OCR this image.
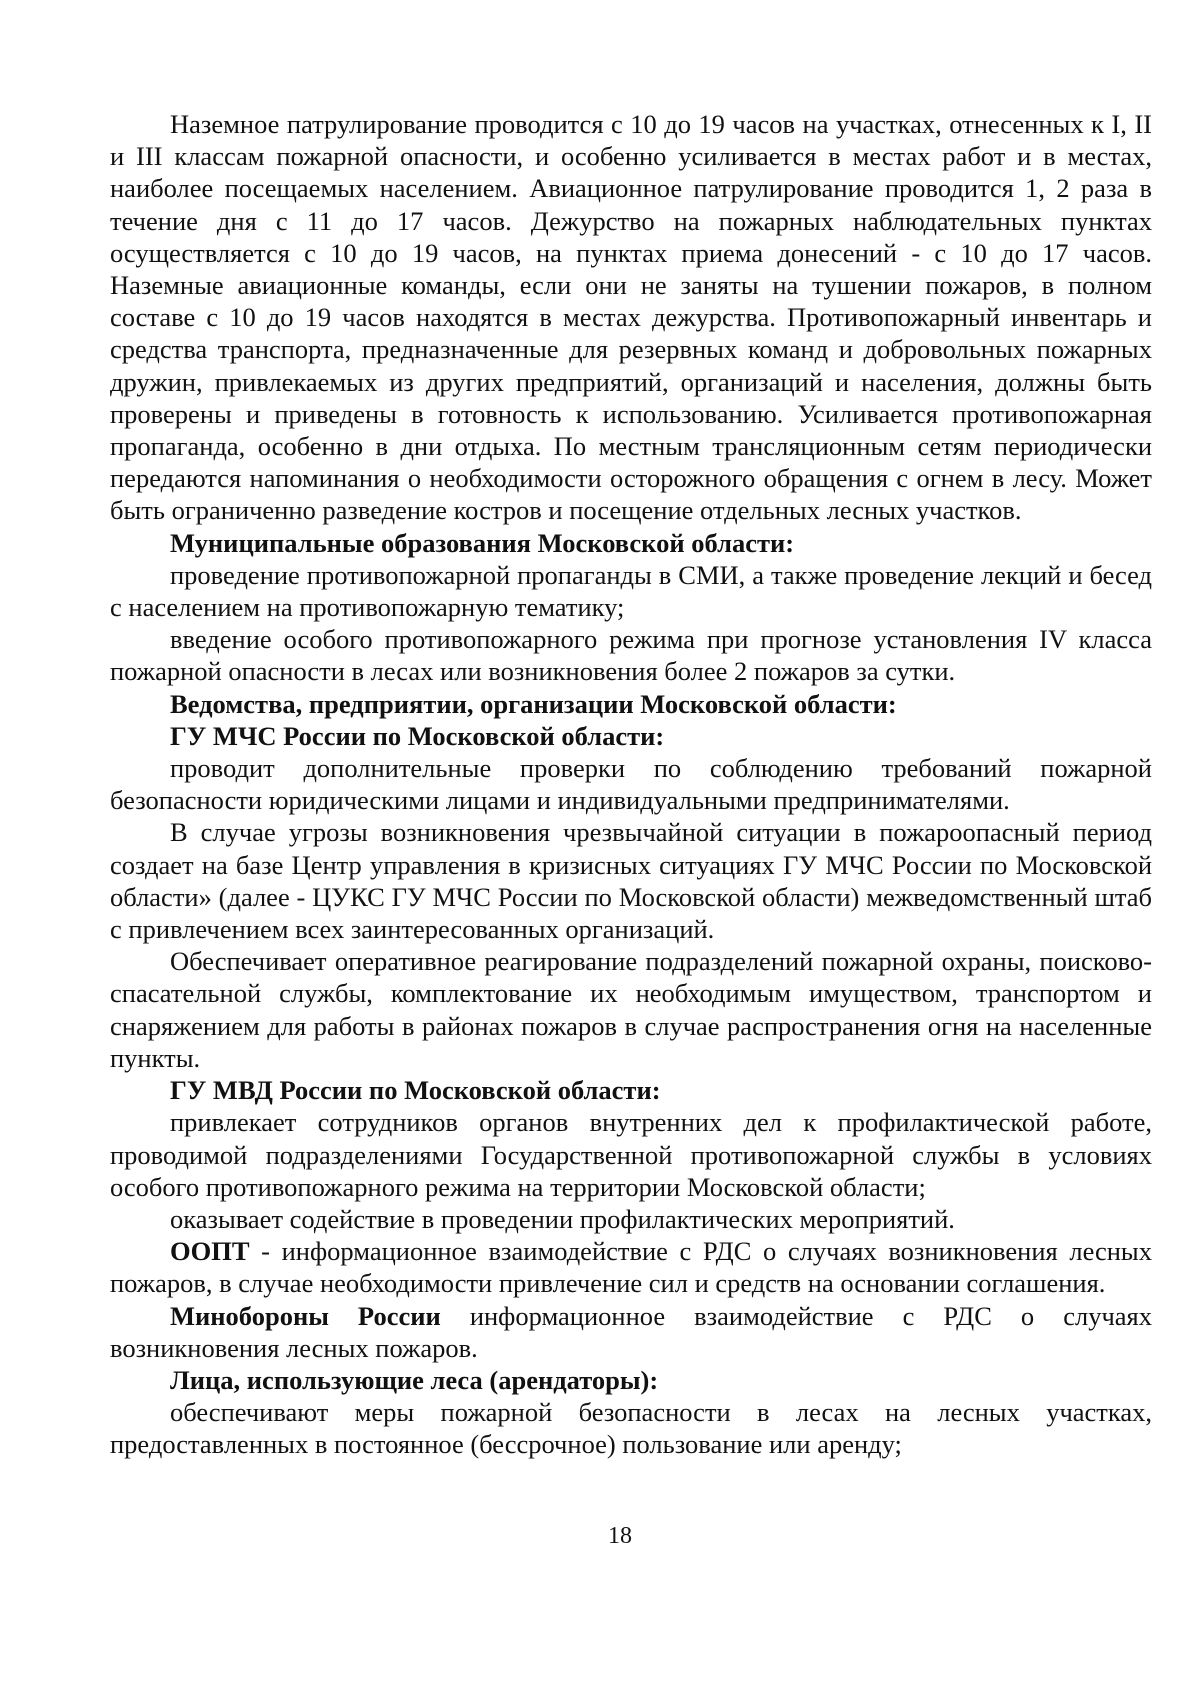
Наземное патрулирование проводится с 10 до 19 часов на участках, отнесенных к I, II и III классам пожарной опасности, и особенно усиливается в местах работ и в местах, наиболее посещаемых населением. Авиационное патрулирование проводится 1, 2 раза в течение дня с 11 до 17 часов. Дежурство на пожарных наблюдательных пунктах осуществляется с 10 до 19 часов, на пунктах приема донесений - с 10 до 17 часов. Наземные авиационные команды, если они не заняты на тушении пожаров, в полном составе с 10 до 19 часов находятся в местах дежурства. Противопожарный инвентарь и средства транспорта, предназначенные для резервных команд и добровольных пожарных дружин, привлекаемых из других предприятий, организаций и населения, должны быть проверены и приведены в готовность к использованию. Усиливается противопожарная пропаганда, особенно в дни отдыха. По местным трансляционным сетям периодически передаются напоминания о необходимости осторожного обращения с огнем в лесу. Может быть ограниченно разведение костров и посещение отдельных лесных участков.

Муниципальные образования Московской области:

проведение противопожарной пропаганды в СМИ, а также проведение лекций и бесед с населением на противопожарную тематику;

введение особого противопожарного режима при прогнозе установления IV класса пожарной опасности в лесах или возникновения более 2 пожаров за сутки.

Ведомства, предприятии, организации Московской области:
ГУ МЧС России по Московской области:

проводит дополнительные проверки по соблюдению требований пожарной безопасности юридическими лицами и индивидуальными предпринимателями.

В случае угрозы возникновения чрезвычайной ситуации в пожароопасный период создает на базе Центр управления в кризисных ситуациях ГУ МЧС России по Московской области» (далее - ЦУКС ГУ МЧС России по Московской области) межведомственный штаб с привлечением всех заинтересованных организаций.

Обеспечивает оперативное реагирование подразделений пожарной охраны, поисково-спасательной службы, комплектование их необходимым имуществом, транспортом и снаряжением для работы в районах пожаров в случае распространения огня на населенные пункты.

ГУ МВД России по Московской области:

привлекает сотрудников органов внутренних дел к профилактической работе, проводимой подразделениями Государственной противопожарной службы в условиях особого противопожарного режима на территории Московской области;

оказывает содействие в проведении профилактических мероприятий.

ООПТ - информационное взаимодействие с РДС о случаях возникновения лесных пожаров, в случае необходимости привлечение сил и средств на основании соглашения.

Минобороны России информационное взаимодействие с РДС о случаях возникновения лесных пожаров.

Лица, использующие леса (арендаторы):

обеспечивают меры пожарной безопасности в лесах на лесных участках, предоставленных в постоянное (бессрочное) пользование или аренду;

18
